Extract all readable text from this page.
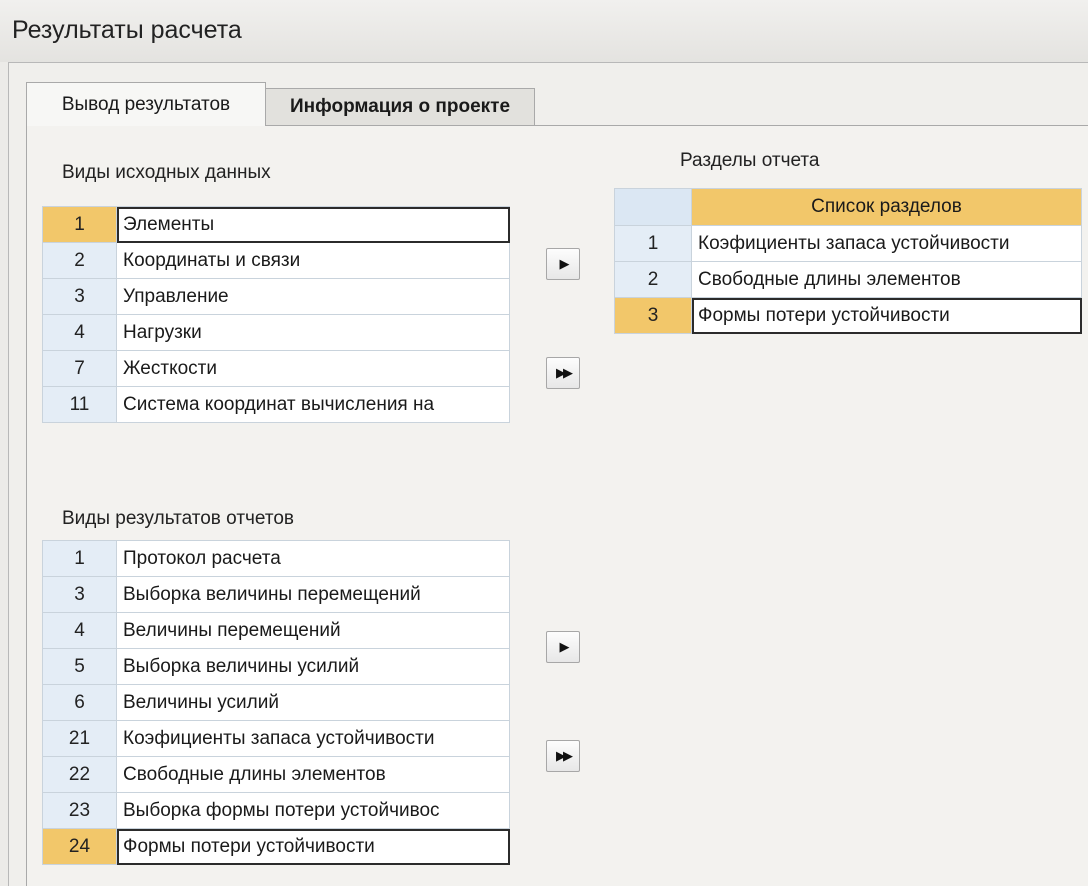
Результаты расчета
Вывод результатов	Информация о проекте
Виды исходных данных
1	Элементы
2	Координаты и связи
3	Управление
4	Нагрузки
7	Жесткости
11	Система координат вычисления на
▶
▶▶
Разделы отчета
	Список разделов
1	Коэфициенты запаса устойчивости
2	Свободные длины элементов
3	Формы потери устойчивости
Виды результатов отчетов
1	Протокол расчета
3	Выборка величины перемещений
4	Величины перемещений
5	Выборка величины усилий
6	Величины усилий
21	Коэфициенты запаса устойчивости
22	Свободные длины элементов
23	Выборка формы потери устойчивос
24	Формы потери устойчивости
▶
▶▶
